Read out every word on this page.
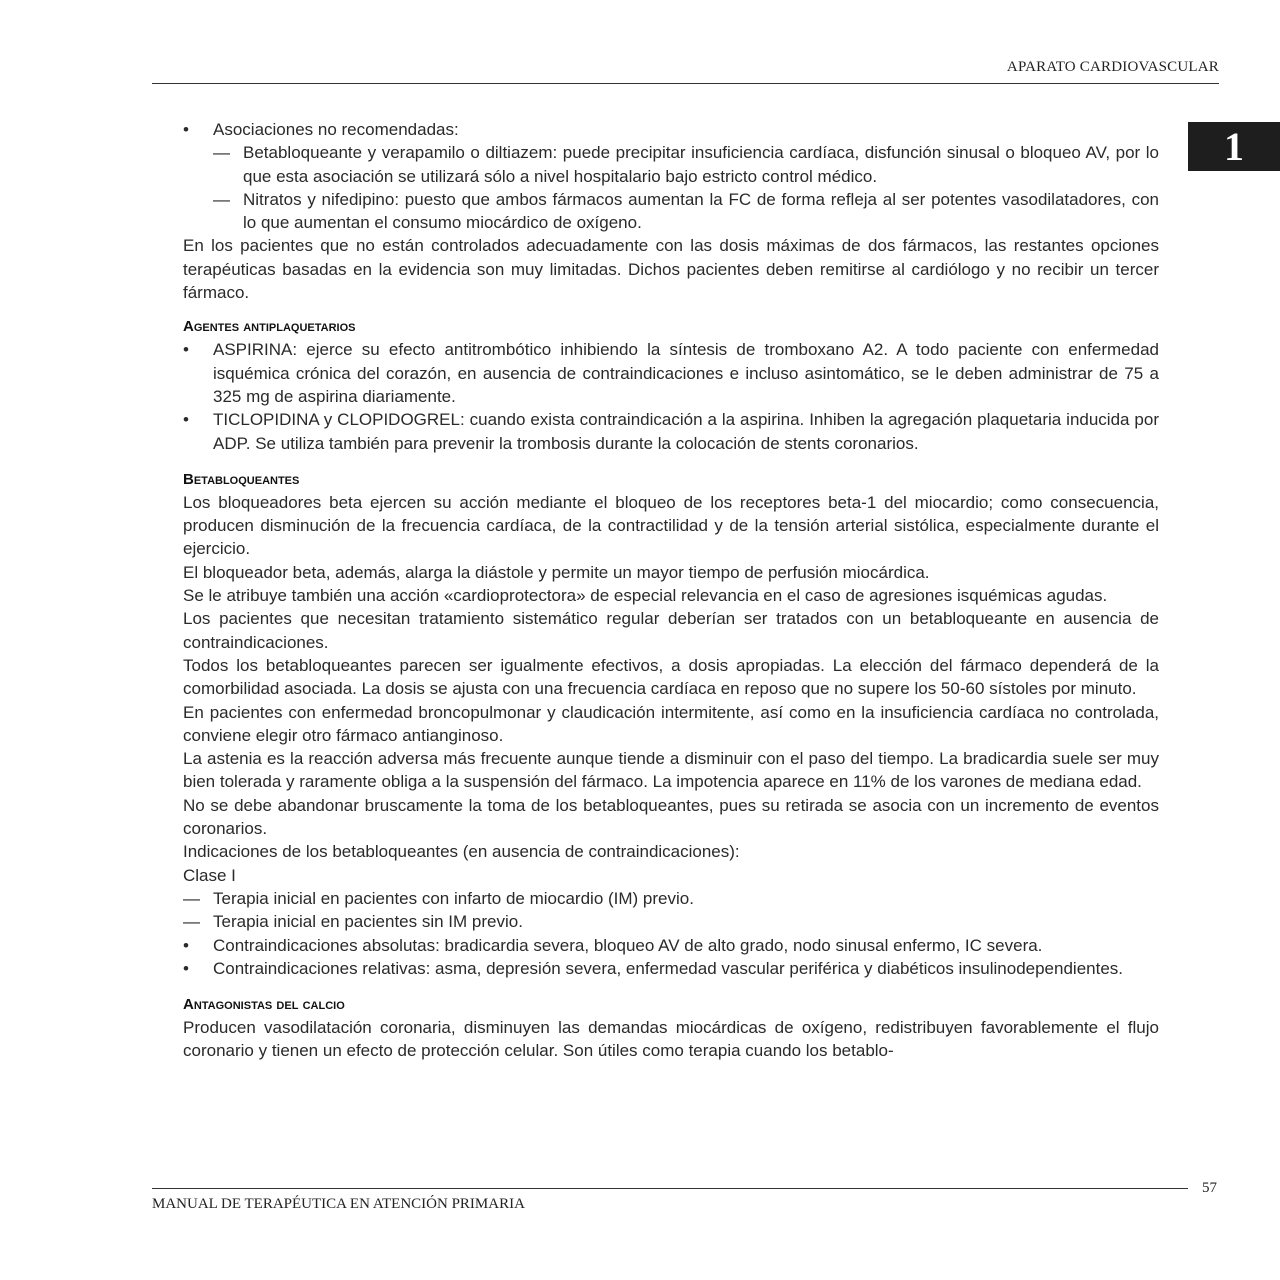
APARATO CARDIOVASCULAR
1
•	Asociaciones no recomendadas:
— Betabloqueante y verapamilo o diltiazem: puede precipitar insuficiencia cardíaca, disfunción sinusal o bloqueo AV, por lo que esta asociación se utilizará sólo a nivel hospitalario bajo estricto control médico.
— Nitratos y nifedipino: puesto que ambos fármacos aumentan la FC de forma refleja al ser potentes vasodilatadores, con lo que aumentan el consumo miocárdico de oxígeno.

En los pacientes que no están controlados adecuadamente con las dosis máximas de dos fármacos, las restantes opciones terapéuticas basadas en la evidencia son muy limitadas. Dichos pacientes deben remitirse al cardiólogo y no recibir un tercer fármaco.

Agentes antiplaquetarios
•	ASPIRINA: ejerce su efecto antitrombótico inhibiendo la síntesis de tromboxano A2. A todo paciente con enfermedad isquémica crónica del corazón, en ausencia de contraindicaciones e incluso asintomático, se le deben administrar de 75 a 325 mg de aspirina diariamente.
•	TICLOPIDINA y CLOPIDOGREL: cuando exista contraindicación a la aspirina. Inhiben la agregación plaquetaria inducida por ADP. Se utiliza también para prevenir la trombosis durante la colocación de stents coronarios.
Betabloqueantes

Los bloqueadores beta ejercen su acción mediante el bloqueo de los receptores beta-1 del miocardio; como consecuencia, producen disminución de la frecuencia cardíaca, de la contractilidad y de la tensión arterial sistólica, especialmente durante el ejercicio.

El bloqueador beta, además, alarga la diástole y permite un mayor tiempo de perfusión miocárdica.

Se le atribuye también una acción «cardioprotectora» de especial relevancia en el caso de agresiones isquémicas agudas.

Los pacientes que necesitan tratamiento sistemático regular deberían ser tratados con un betabloqueante en ausencia de contraindicaciones.

Todos los betabloqueantes parecen ser igualmente efectivos, a dosis apropiadas. La elección del fármaco dependerá de la comorbilidad asociada. La dosis se ajusta con una frecuencia cardíaca en reposo que no supere los 50-60 sístoles por minuto.

En pacientes con enfermedad broncopulmonar y claudicación intermitente, así como en la insuficiencia cardíaca no controlada, conviene elegir otro fármaco antianginoso.

La astenia es la reacción adversa más frecuente aunque tiende a disminuir con el paso del tiempo. La bradicardia suele ser muy bien tolerada y raramente obliga a la suspensión del fármaco. La impotencia aparece en 11% de los varones de mediana edad.

No se debe abandonar bruscamente la toma de los betabloqueantes, pues su retirada se asocia con un incremento de eventos coronarios.

Indicaciones de los betabloqueantes (en ausencia de contraindicaciones):

Clase I

— Terapia inicial en pacientes con infarto de miocardio (IM) previo.
— Terapia inicial en pacientes sin IM previo.
•	Contraindicaciones absolutas: bradicardia severa, bloqueo AV de alto grado, nodo sinusal enfermo, IC severa.
•	Contraindicaciones relativas: asma, depresión severa, enfermedad vascular periférica y diabéticos insulinodependientes.
Antagonistas del calcio

Producen vasodilatación coronaria, disminuyen las demandas miocárdicas de oxígeno, redistribuyen favorablemente el flujo coronario y tienen un efecto de protección celular. Son útiles como terapia cuando los betablo-

MANUAL DE TERAPÉUTICA EN ATENCIÓN PRIMARIA
57
